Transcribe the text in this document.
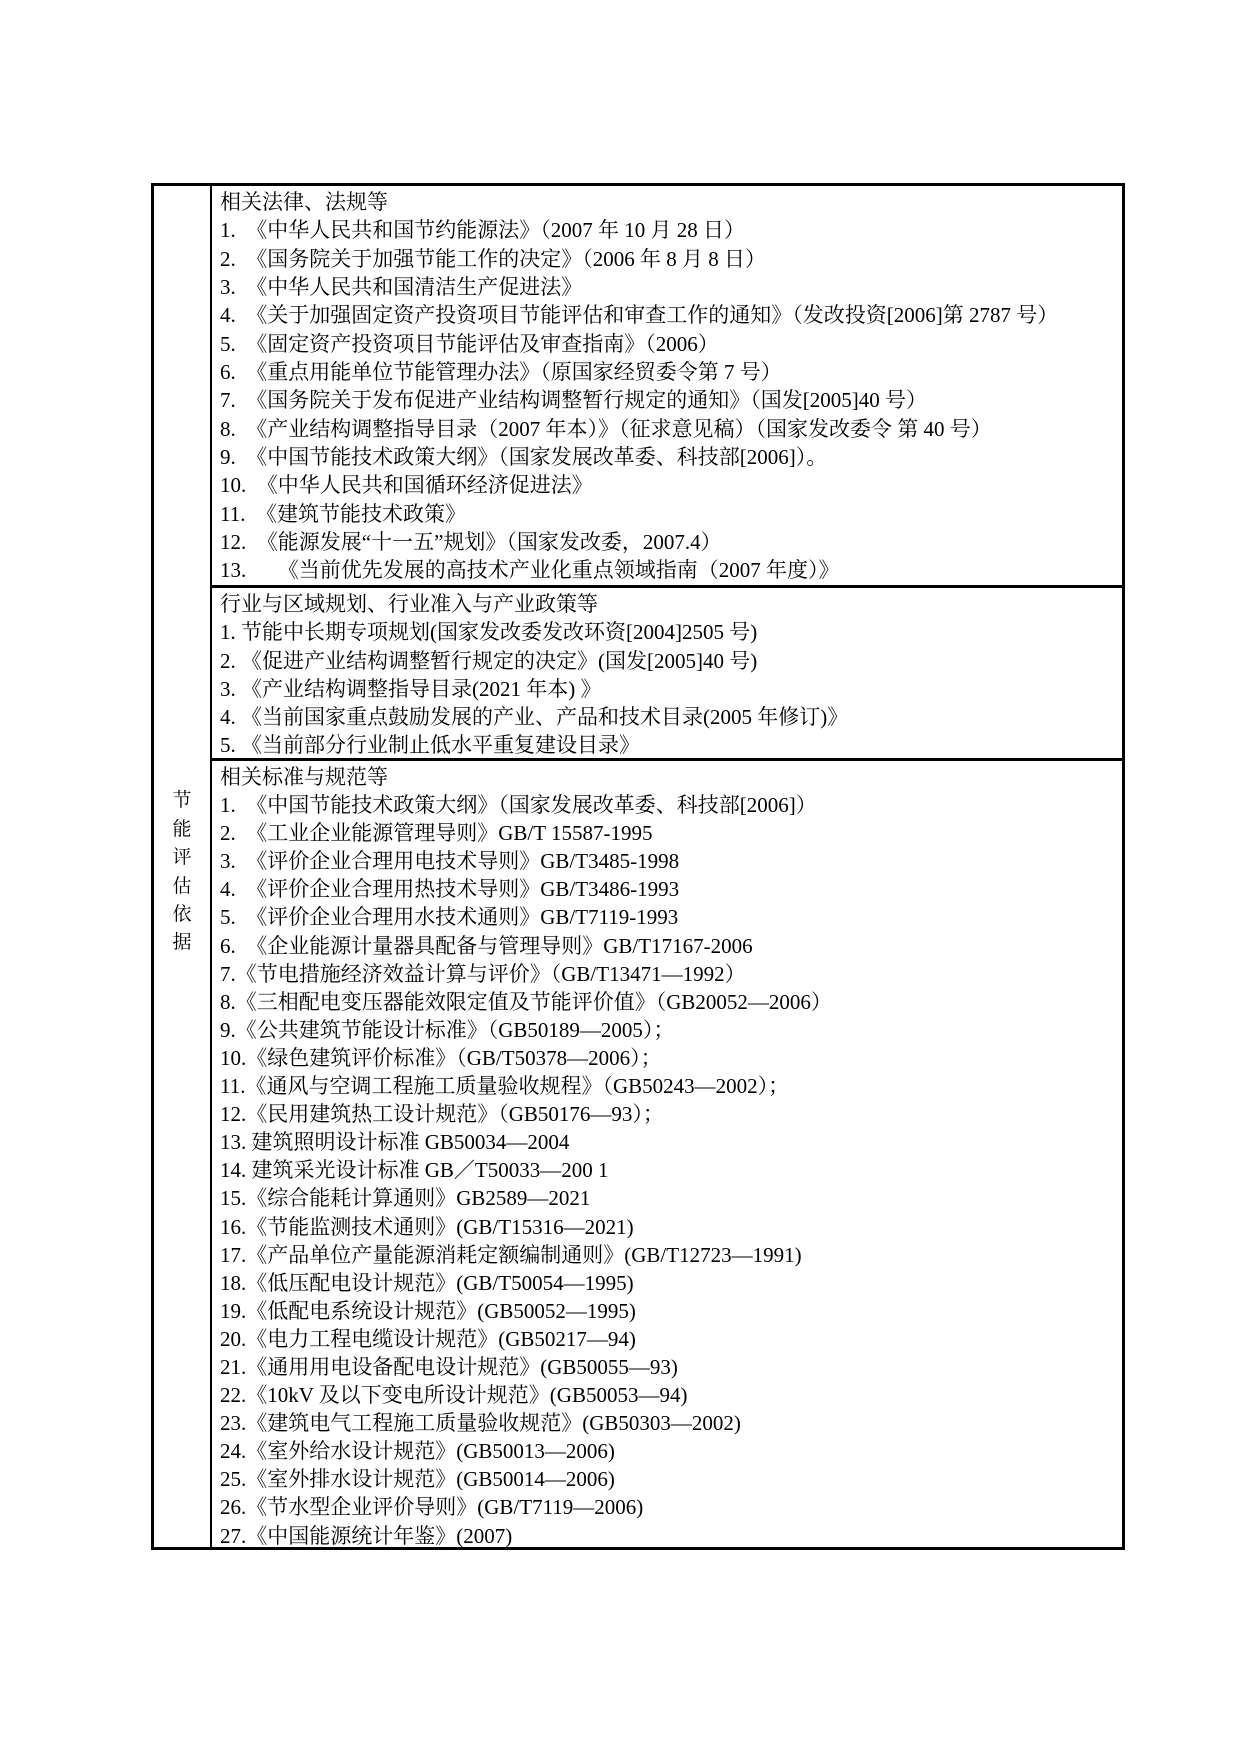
节
能
评
估
依
据
相关法律、法规等
1.　《中华人民共和国节约能源法》（2007 年 10 月 28 日）
2.　《国务院关于加强节能工作的决定》（2006 年 8 月 8 日）
3.　《中华人民共和国清洁生产促进法》
4.　《关于加强固定资产投资项目节能评估和审查工作的通知》（发改投资[2006]第 2787 号）
5.　《固定资产投资项目节能评估及审查指南》（2006）
6.　《重点用能单位节能管理办法》（原国家经贸委令第 7 号）
7.　《国务院关于发布促进产业结构调整暂行规定的通知》（国发[2005]40 号）
8.　《产业结构调整指导目录（2007 年本）》（征求意见稿）（国家发改委令 第 40 号）
9.　《中国节能技术政策大纲》（国家发展改革委、科技部[2006]）。
10.　《中华人民共和国循环经济促进法》
11.　《建筑节能技术政策》
12.　《能源发展“十一五”规划》（国家发改委，2007.4）
13.　　《当前优先发展的高技术产业化重点领域指南（2007 年度）》
行业与区域规划、行业准入与产业政策等
1. 节能中长期专项规划(国家发改委发改环资[2004]2505 号)
2. 《促进产业结构调整暂行规定的决定》(国发[2005]40 号)
3. 《产业结构调整指导目录(2021 年本) 》
4. 《当前国家重点鼓励发展的产业、产品和技术目录(2005 年修订)》
5. 《当前部分行业制止低水平重复建设目录》
相关标准与规范等
1.　《中国节能技术政策大纲》（国家发展改革委、科技部[2006]）
2.　《工业企业能源管理导则》GB/T 15587-1995
3.　《评价企业合理用电技术导则》GB/T3485-1998
4.　《评价企业合理用热技术导则》GB/T3486-1993
5.　《评价企业合理用水技术通则》GB/T7119-1993
6.　《企业能源计量器具配备与管理导则》GB/T17167-2006
7.《节电措施经济效益计算与评价》（GB/T13471—1992）
8.《三相配电变压器能效限定值及节能评价值》（GB20052—2006）
9.《公共建筑节能设计标准》（GB50189—2005）；
10.《绿色建筑评价标准》（GB/T50378—2006）；
11.《通风与空调工程施工质量验收规程》（GB50243—2002）；
12.《民用建筑热工设计规范》（GB50176—93）；
13. 建筑照明设计标准 GB50034—2004
14. 建筑采光设计标准 GB／T50033—200 1
15.《综合能耗计算通则》GB2589—2021
16.《节能监测技术通则》(GB/T15316—2021)
17.《产品单位产量能源消耗定额编制通则》(GB/T12723—1991)
18.《低压配电设计规范》(GB/T50054—1995)
19.《低配电系统设计规范》(GB50052—1995)
20.《电力工程电缆设计规范》(GB50217—94)
21.《通用用电设备配电设计规范》(GB50055—93)
22.《10kV 及以下变电所设计规范》(GB50053—94)
23.《建筑电气工程施工质量验收规范》(GB50303—2002)
24.《室外给水设计规范》(GB50013—2006)
25.《室外排水设计规范》(GB50014—2006)
26.《节水型企业评价导则》(GB/T7119—2006)
27.《中国能源统计年鉴》(2007)
